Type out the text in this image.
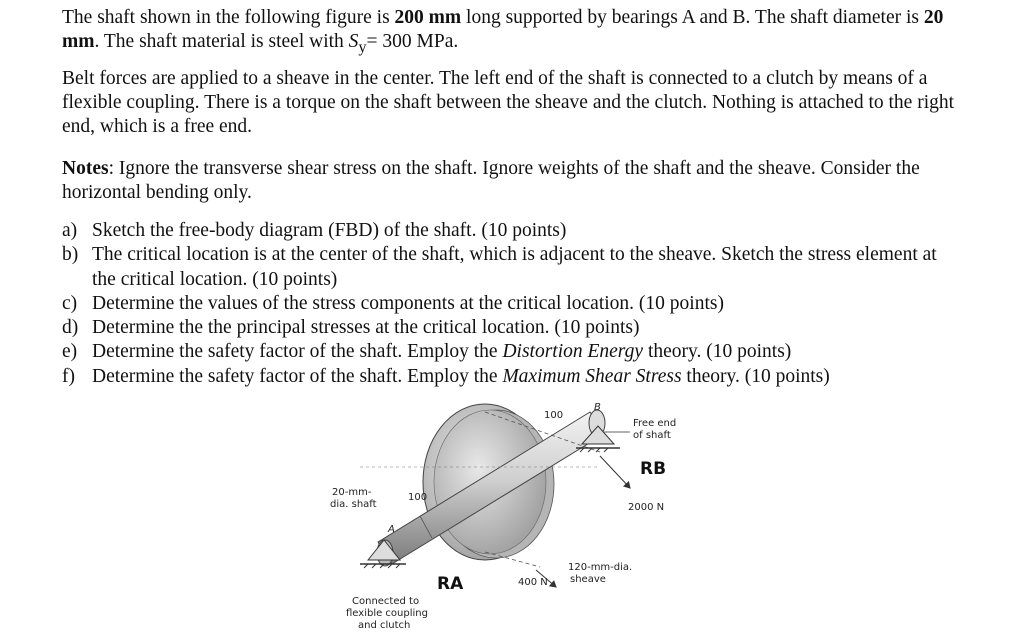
The shaft shown in the following figure is 200 mm long supported by bearings A and B. The shaft diameter is 20 mm. The shaft material is steel with $S_y= 300$ MPa.

Belt forces are applied to a sheave in the center. The left end of the shaft is connected to a clutch by means of a flexible coupling. There is a torque on the shaft between the sheave and the clutch. Nothing is attached to the right end, which is a free end.

Notes: Ignore the transverse shear stress on the shaft. Ignore weights of the shaft and the sheave. Consider the horizontal bending only.

a) Sketch the free-body diagram (FBD) of the shaft. (10 points)
b) The critical location is at the center of the shaft, which is adjacent to the sheave. Sketch the stress element at the critical location. (10 points)
c) Determine the values of the stress components at the critical location. (10 points)
d) Determine the the principal stresses at the critical location. (10 points)
e) Determine the safety factor of the shaft. Employ the Distortion Energy theory. (10 points)
f) Determine the safety factor of the shaft. Employ the Maximum Shear Stress theory. (10 points)
100
100
B
A
Free end
of shaft
RB
RA
2000 N
400 N
20-mm-
dia. shaft
120-mm-dia.
sheave
Connected to
flexible coupling
and clutch
